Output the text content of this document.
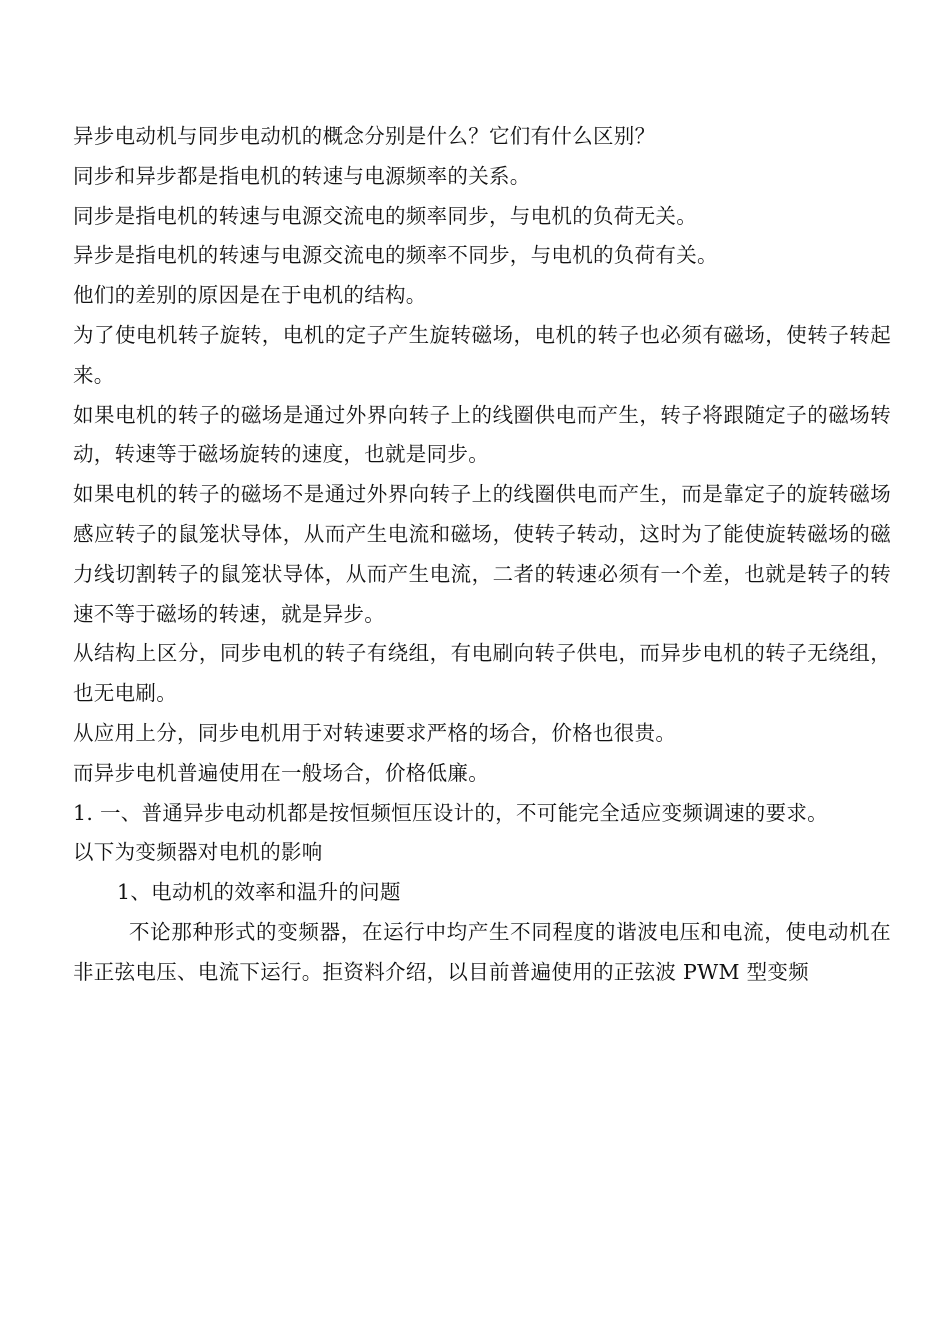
异步电动机与同步电动机的概念分别是什么？它们有什么区别？

同步和异步都是指电机的转速与电源频率的关系。

同步是指电机的转速与电源交流电的频率同步，与电机的负荷无关。

异步是指电机的转速与电源交流电的频率不同步，与电机的负荷有关。

他们的差别的原因是在于电机的结构。

为了使电机转子旋转，电机的定子产生旋转磁场，电机的转子也必须有磁场，使转子转起来。

如果电机的转子的磁场是通过外界向转子上的线圈供电而产生，转子将跟随定子的磁场转动，转速等于磁场旋转的速度，也就是同步。

如果电机的转子的磁场不是通过外界向转子上的线圈供电而产生，而是靠定子的旋转磁场感应转子的鼠笼状导体，从而产生电流和磁场，使转子转动，这时为了能使旋转磁场的磁力线切割转子的鼠笼状导体，从而产生电流，二者的转速必须有一个差，也就是转子的转速不等于磁场的转速，就是异步。

从结构上区分，同步电机的转子有绕组，有电刷向转子供电，而异步电机的转子无绕组，也无电刷。

从应用上分，同步电机用于对转速要求严格的场合，价格也很贵。

而异步电机普遍使用在一般场合，价格低廉。

1. 一、普通异步电动机都是按恒频恒压设计的，不可能完全适应变频调速的要求。

以下为变频器对电机的影响

1、电动机的效率和温升的问题

不论那种形式的变频器，在运行中均产生不同程度的谐波电压和电流，使电动机在非正弦电压、电流下运行。拒资料介绍，以目前普遍使用的正弦波 PWM 型变频
